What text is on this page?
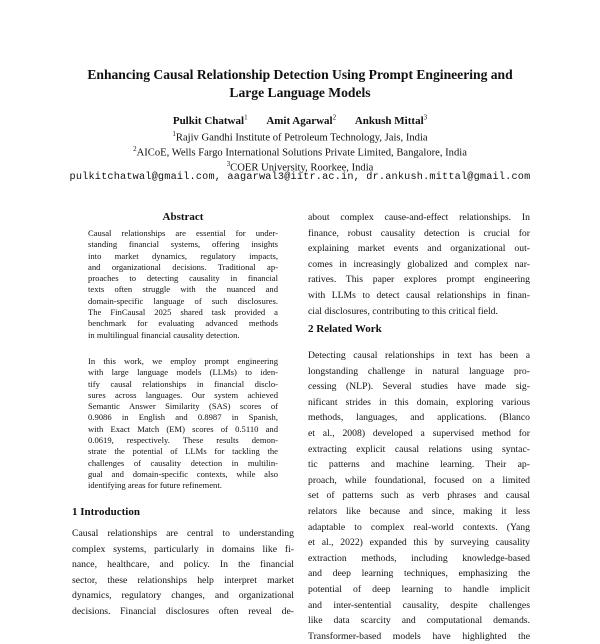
Enhancing Causal Relationship Detection Using Prompt Engineering and
Large Language Models
Pulkit Chatwal$^1$ Amit Agarwal$^2$ Ankush Mittal$^3$
$^1$Rajiv Gandhi Institute of Petroleum Technology, Jais, India
$^2$AICoE, Wells Fargo International Solutions Private Limited, Bangalore, India
$^3$COER University, Roorkee, India
pulkitchatwal@gmail.com, aagarwal3@iitr.ac.in, dr.ankush.mittal@gmail.com
Abstract
Causal relationships are essential for under-
standing financial systems, offering insights
into market dynamics, regulatory impacts,
and organizational decisions. Traditional ap-
proaches to detecting causality in financial
texts often struggle with the nuanced and
domain-specific language of such disclosures.
The FinCausal 2025 shared task provided a
benchmark for evaluating advanced methods
in multilingual financial causality detection.
In this work, we employ prompt engineering
with large language models (LLMs) to iden-
tify causal relationships in financial disclo-
sures across languages. Our system achieved
Semantic Answer Similarity (SAS) scores of
0.9086 in English and 0.8987 in Spanish,
with Exact Match (EM) scores of 0.5110 and
0.0619, respectively. These results demon-
strate the potential of LLMs for tackling the
challenges of causality detection in multilin-
gual and domain-specific contexts, while also
identifying areas for future refinement.
1 Introduction
Causal relationships are central to understanding
complex systems, particularly in domains like fi-
nance, healthcare, and policy. In the financial
sector, these relationships help interpret market
dynamics, regulatory changes, and organizational
decisions. Financial disclosures often reveal de-
about complex cause-and-effect relationships. In
finance, robust causality detection is crucial for
explaining market events and organizational out-
comes in increasingly globalized and complex nar-
ratives. This paper explores prompt engineering
with LLMs to detect causal relationships in finan-
cial disclosures, contributing to this critical field.
2 Related Work
Detecting causal relationships in text has been a
longstanding challenge in natural language pro-
cessing (NLP). Several studies have made sig-
nificant strides in this domain, exploring various
methods, languages, and applications. (Blanco
et al., 2008) developed a supervised method for
extracting explicit causal relations using syntac-
tic patterns and machine learning. Their ap-
proach, while foundational, focused on a limited
set of patterns such as verb phrases and causal
relators like because and since, making it less
adaptable to complex real-world contexts. (Yang
et al., 2022) expanded this by surveying causality
extraction methods, including knowledge-based
and deep learning techniques, emphasizing the
potential of deep learning to handle implicit
and inter-sentential causality, despite challenges
like data scarcity and computational demands.
Transformer-based models have highlighted the
